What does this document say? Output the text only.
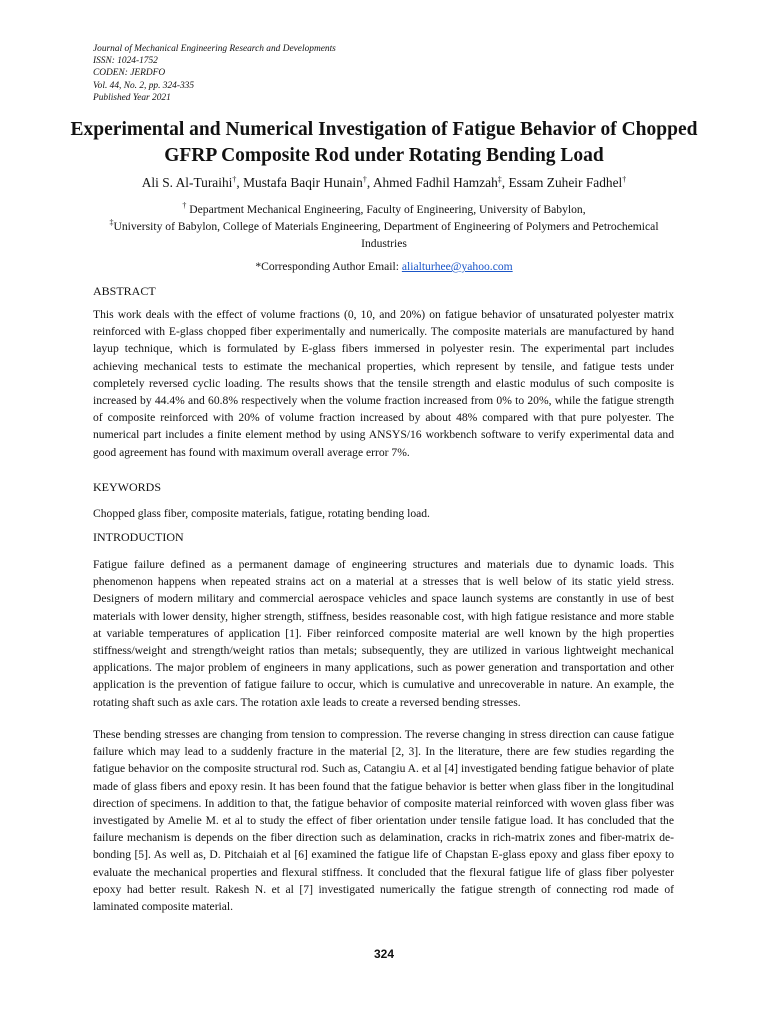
Journal of Mechanical Engineering Research and Developments
ISSN: 1024-1752
CODEN: JERDFO
Vol. 44, No. 2, pp. 324-335
Published Year 2021
Experimental and Numerical Investigation of Fatigue Behavior of Chopped GFRP Composite Rod under Rotating Bending Load
Ali S. Al-Turaihi†, Mustafa Baqir Hunain†, Ahmed Fadhil Hamzah‡, Essam Zuheir Fadhel†
† Department Mechanical Engineering, Faculty of Engineering, University of Babylon,
‡University of Babylon, College of Materials Engineering, Department of Engineering of Polymers and Petrochemical Industries
*Corresponding Author Email: alialturhee@yahoo.com
ABSTRACT
This work deals with the effect of volume fractions (0, 10, and 20%) on fatigue behavior of unsaturated polyester matrix reinforced with E-glass chopped fiber experimentally and numerically. The composite materials are manufactured by hand layup technique, which is formulated by E-glass fibers immersed in polyester resin. The experimental part includes achieving mechanical tests to estimate the mechanical properties, which represent by tensile, and fatigue tests under completely reversed cyclic loading. The results shows that the tensile strength and elastic modulus of such composite is increased by 44.4% and 60.8% respectively when the volume fraction increased from 0% to 20%, while the fatigue strength of composite reinforced with 20% of volume fraction increased by about 48% compared with that pure polyester. The numerical part includes a finite element method by using ANSYS/16 workbench software to verify experimental data and good agreement has found with maximum overall average error 7%.
KEYWORDS
Chopped glass fiber, composite materials, fatigue, rotating bending load.
INTRODUCTION
Fatigue failure defined as a permanent damage of engineering structures and materials due to dynamic loads. This phenomenon happens when repeated strains act on a material at a stresses that is well below of its static yield stress. Designers of modern military and commercial aerospace vehicles and space launch systems are constantly in use of best materials with lower density, higher strength, stiffness, besides reasonable cost, with high fatigue resistance and more stable at variable temperatures of application [1]. Fiber reinforced composite material are well known by the high properties stiffness/weight and strength/weight ratios than metals; subsequently, they are utilized in various lightweight mechanical applications. The major problem of engineers in many applications, such as power generation and transportation and other application is the prevention of fatigue failure to occur, which is cumulative and unrecoverable in nature. An example, the rotating shaft such as axle cars. The rotation axle leads to create a reversed bending stresses.
These bending stresses are changing from tension to compression. The reverse changing in stress direction can cause fatigue failure which may lead to a suddenly fracture in the material [2, 3]. In the literature, there are few studies regarding the fatigue behavior on the composite structural rod. Such as, Catangiu A. et al [4] investigated bending fatigue behavior of plate made of glass fibers and epoxy resin. It has been found that the fatigue behavior is better when glass fiber in the longitudinal direction of specimens. In addition to that, the fatigue behavior of composite material reinforced with woven glass fiber was investigated by Amelie M. et al to study the effect of fiber orientation under tensile fatigue load. It has concluded that the failure mechanism is depends on the fiber direction such as delamination, cracks in rich-matrix zones and fiber-matrix de-bonding [5]. As well as, D. Pitchaiah et al [6] examined the fatigue life of Chapstan E-glass epoxy and glass fiber epoxy to evaluate the mechanical properties and flexural stiffness. It concluded that the flexural fatigue life of glass fiber polyester epoxy had better result. Rakesh N. et al [7] investigated numerically the fatigue strength of connecting rod made of laminated composite material.
324
